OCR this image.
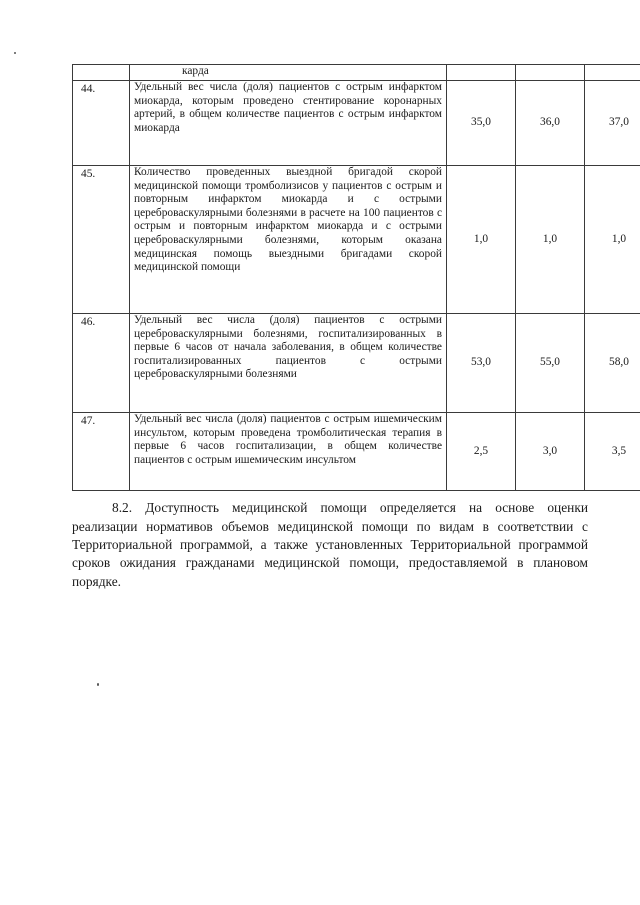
	карда			
44.	Удельный вес числа (доля) пациентов с острым инфарктом миокарда, которым проведено стентирование коронарных артерий, в общем количестве пациентов с острым инфарктом миокарда	35,0	36,0	37,0
45.	Количество проведенных выездной бригадой скорой медицинской помощи тромболизисов у пациентов с острым и повторным инфарктом миокарда и с острыми цереброваскулярными болезнями в расчете на 100 пациентов с острым и повторным инфарктом миокарда и с острыми цереброваскулярными болезнями, которым оказана медицинская помощь выездными бригадами скорой медицинской помощи	1,0	1,0	1,0
46.	Удельный вес числа (доля) пациентов с острыми цереброваскулярными болезнями, госпитализированных в первые 6 часов от начала заболевания, в общем количестве госпитализированных пациентов с острыми цереброваскулярными болезнями	53,0	55,0	58,0
47.	Удельный вес числа (доля) пациентов с острым ишемическим инсультом, которым проведена тромболитическая терапия в первые 6 часов госпитализации, в общем количестве пациентов с острым ишемическим инсультом	2,5	3,0	3,5

8.2. Доступность медицинской помощи определяется на основе оценки реализации нормативов объемов медицинской помощи по видам в соответствии с Территориальной программой, а также установленных Территориальной программой сроков ожидания гражданами медицинской помощи, предоставляемой в плановом порядке.
